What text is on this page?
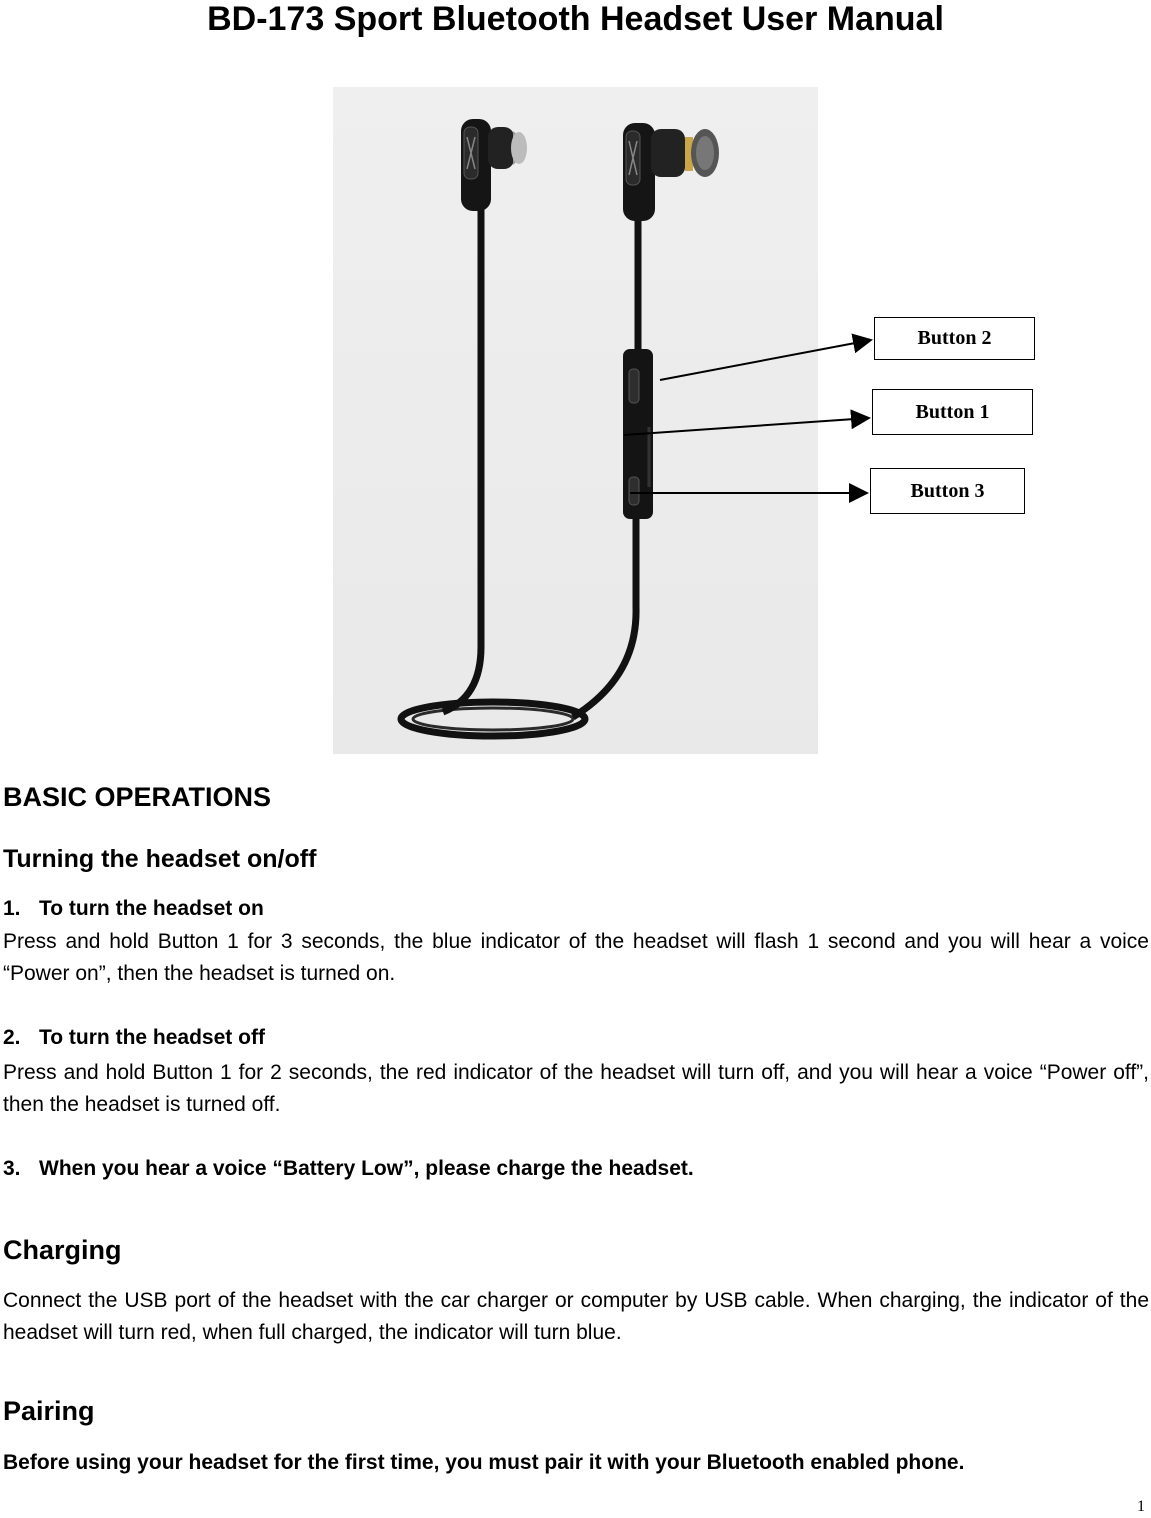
BD-173 Sport Bluetooth Headset User Manual
Button 2
Button 1
Button 3
BASIC OPERATIONS
Turning the headset on/off

1. To turn the headset on

Press and hold Button 1 for 3 seconds, the blue indicator of the headset will flash 1 second and you will hear a voice “Power on”, then the headset is turned on.

2. To turn the headset off

Press and hold Button 1 for 2 seconds, the red indicator of the headset will turn off, and you will hear a voice “Power off”, then the headset is turned off.

3. When you hear a voice “Battery Low”, please charge the headset.

Charging

Connect the USB port of the headset with the car charger or computer by USB cable. When charging, the indicator of the headset will turn red, when full charged, the indicator will turn blue.

Pairing

Before using your headset for the first time, you must pair it with your Bluetooth enabled phone.

1
